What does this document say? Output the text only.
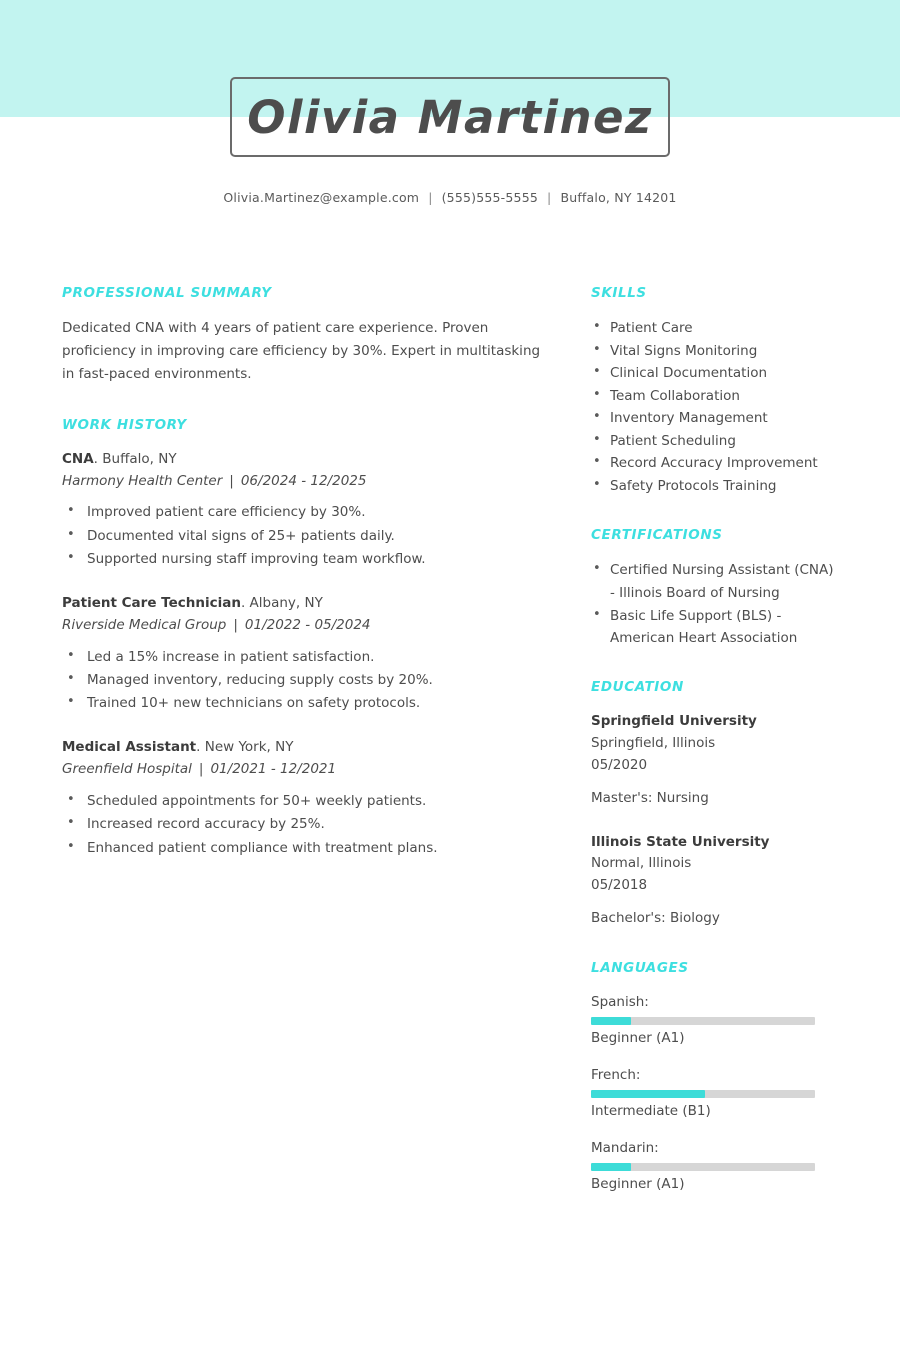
Olivia Martinez
Olivia.Martinez@example.com | (555)555-5555 | Buffalo, NY 14201
PROFESSIONAL SUMMARY

Dedicated CNA with 4 years of patient care experience. Proven proficiency in improving care efficiency by 30%. Expert in multitasking in fast-paced environments.

WORK HISTORY
CNA. Buffalo, NY
Harmony Health Center | 06/2024 - 12/2025
• Improved patient care efficiency by 30%.
• Documented vital signs of 25+ patients daily.
• Supported nursing staff improving team workflow.
Patient Care Technician. Albany, NY
Riverside Medical Group | 01/2022 - 05/2024
• Led a 15% increase in patient satisfaction.
• Managed inventory, reducing supply costs by 20%.
• Trained 10+ new technicians on safety protocols.
Medical Assistant. New York, NY
Greenfield Hospital | 01/2021 - 12/2021
• Scheduled appointments for 50+ weekly patients.
• Increased record accuracy by 25%.
• Enhanced patient compliance with treatment plans.
SKILLS
• Patient Care
• Vital Signs Monitoring
• Clinical Documentation
• Team Collaboration
• Inventory Management
• Patient Scheduling
• Record Accuracy Improvement
• Safety Protocols Training
CERTIFICATIONS
• Certified Nursing Assistant (CNA) - Illinois Board of Nursing
• Basic Life Support (BLS) - American Heart Association
EDUCATION
Springfield University
Springfield, Illinois
05/2020
Master's: Nursing
Illinois State University
Normal, Illinois
05/2018
Bachelor's: Biology
LANGUAGES
Spanish:
Beginner (A1)
French:
Intermediate (B1)
Mandarin:
Beginner (A1)
